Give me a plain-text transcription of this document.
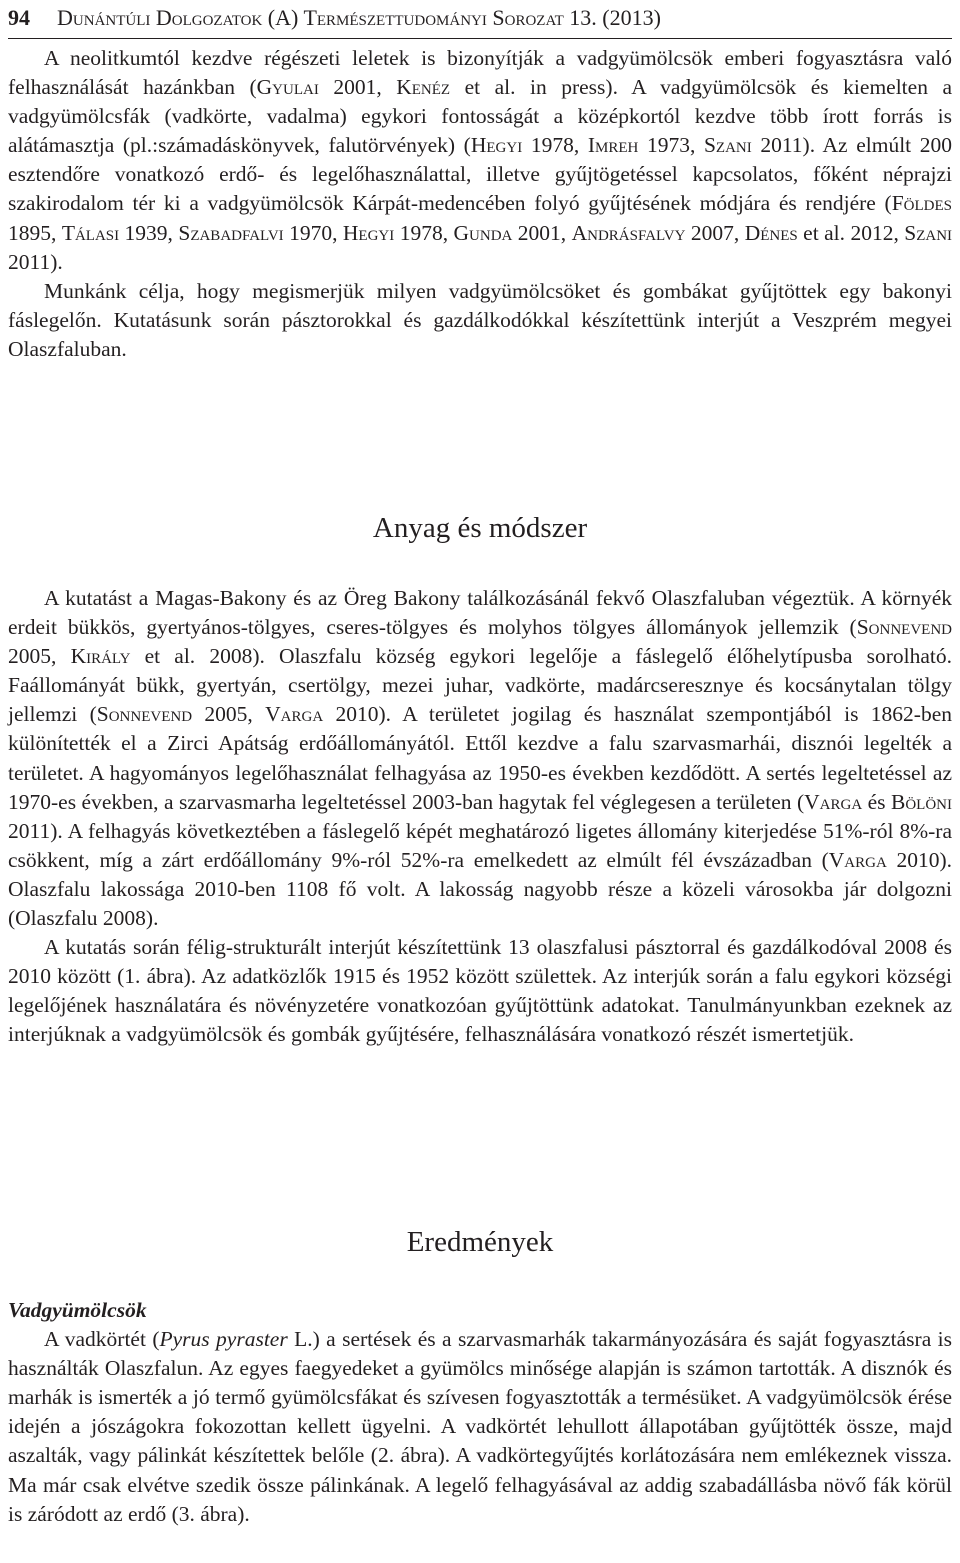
94 Dunántúli Dolgozatok (A) Természettudományi Sorozat 13. (2013)

A neolitkumtól kezdve régészeti leletek is bizonyítják a vadgyümölcsök emberi fogyasztásra való felhasználását hazánkban (Gyulai 2001, Kenéz et al. in press). A vadgyümölcsök és kiemelten a vadgyümölcsfák (vadkörte, vadalma) egykori fontosságát a középkortól kezdve több írott forrás is alátámasztja (pl.:számadáskönyvek, falutörvények) (Hegyi 1978, Imreh 1973, Szani 2011). Az elmúlt 200 esztendőre vonatkozó erdő- és legelőhasználattal, illetve gyűjtögetéssel kapcsolatos, főként néprajzi szakirodalom tér ki a vadgyümölcsök Kárpát-medencében folyó gyűjtésének módjára és rendjére (Földes 1895, Tálasi 1939, Szabadfalvi 1970, Hegyi 1978, Gunda 2001, Andrásfalvy 2007, Dénes et al. 2012, Szani 2011).

Munkánk célja, hogy megismerjük milyen vadgyümölcsöket és gombákat gyűjtöttek egy bakonyi fáslegelőn. Kutatásunk során pásztorokkal és gazdálkodókkal készítettünk interjút a Veszprém megyei Olaszfaluban.

Anyag és módszer

A kutatást a Magas-Bakony és az Öreg Bakony találkozásánál fekvő Olaszfaluban végeztük. A környék erdeit bükkös, gyertyános-tölgyes, cseres-tölgyes és molyhos tölgyes állományok jellemzik (Sonnevend 2005, Király et al. 2008). Olaszfalu község egykori legelője a fáslegelő élőhelytípusba sorolható. Faállományát bükk, gyertyán, csertölgy, mezei juhar, vadkörte, madárcseresznye és kocsánytalan tölgy jellemzi (Sonnevend 2005, Varga 2010). A területet jogilag és használat szempontjából is 1862-ben különítették el a Zirci Apátság erdőállományától. Ettől kezdve a falu szarvasmarhái, disznói legelték a területet. A hagyományos legelőhasználat felhagyása az 1950-es években kezdődött. A sertés legeltetéssel az 1970-es években, a szarvasmarha legeltetéssel 2003-ban hagytak fel véglegesen a területen (Varga és Bölöni 2011). A felhagyás következtében a fáslegelő képét meghatározó ligetes állomány kiterjedése 51%-ról 8%-ra csökkent, míg a zárt erdőállomány 9%-ról 52%-ra emelkedett az elmúlt fél évszázadban (Varga 2010). Olaszfalu lakossága 2010-ben 1108 fő volt. A lakosság nagyobb része a közeli városokba jár dolgozni (Olaszfalu 2008).

A kutatás során félig-strukturált interjút készítettünk 13 olaszfalusi pásztorral és gazdálkodóval 2008 és 2010 között (1. ábra). Az adatközlők 1915 és 1952 között születtek. Az interjúk során a falu egykori községi legelőjének használatára és növényzetére vonatkozóan gyűjtöttünk adatokat. Tanulmányunkban ezeknek az interjúknak a vadgyümölcsök és gombák gyűjtésére, felhasználására vonatkozó részét ismertetjük.

Eredmények

Vadgyümölcsök

A vadkörtét (Pyrus pyraster L.) a sertések és a szarvasmarhák takarmányozására és saját fogyasztásra is használták Olaszfalun. Az egyes faegyedeket a gyümölcs minősége alapján is számon tartották. A disznók és marhák is ismerték a jó termő gyümölcsfákat és szívesen fogyasztották a termésüket. A vadgyümölcsök érése idején a jószágokra fokozottan kellett ügyelni. A vadkörtét lehullott állapotában gyűjtötték össze, majd aszalták, vagy pálinkát készítettek belőle (2. ábra). A vadkörtegyűjtés korlátozására nem emlékeznek vissza. Ma már csak elvétve szedik össze pálinkának. A legelő felhagyásával az addig szabadállásba növő fák körül is záródott az erdő (3. ábra).
